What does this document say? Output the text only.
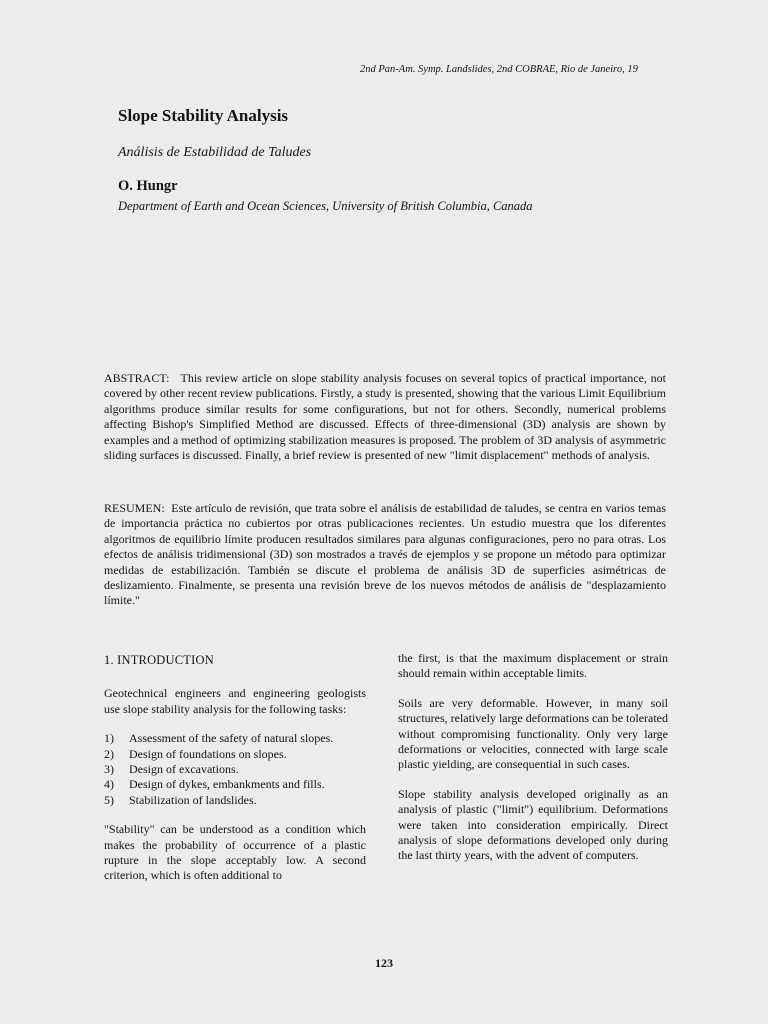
2nd Pan-Am. Symp. Landslides, 2nd COBRAE, Rio de Janeiro, 19
Slope Stability Analysis
Análisis de Estabilidad de Taludes
O. Hungr
Department of Earth and Ocean Sciences, University of British Columbia, Canada
ABSTRACT: This review article on slope stability analysis focuses on several topics of practical importance, not covered by other recent review publications. Firstly, a study is presented, showing that the various Limit Equilibrium algorithms produce similar results for some configurations, but not for others. Secondly, numerical problems affecting Bishop's Simplified Method are discussed. Effects of three-dimensional (3D) analysis are shown by examples and a method of optimizing stabilization measures is proposed. The problem of 3D analysis of asymmetric sliding surfaces is discussed. Finally, a brief review is presented of new "limit displacement" methods of analysis.
RESUMEN: Este artículo de revisión, que trata sobre el análisis de estabilidad de taludes, se centra en varios temas de importancia práctica no cubiertos por otras publicaciones recientes. Un estudio muestra que los diferentes algoritmos de equilibrio límite producen resultados similares para algunas configuraciones, pero no para otras. Los efectos de análisis tridimensional (3D) son mostrados a través de ejemplos y se propone un método para optimizar medidas de estabilización. También se discute el problema de análisis 3D de superficies asimétricas de deslizamiento. Finalmente, se presenta una revisión breve de los nuevos métodos de análisis de "desplazamiento límite."
1. INTRODUCTION

Geotechnical engineers and engineering geologists use slope stability analysis for the following tasks:

1)	Assessment of the safety of natural slopes.
2)	Design of foundations on slopes.
3)	Design of excavations.
4)	Design of dykes, embankments and fills.
5)	Stabilization of landslides.

"Stability" can be understood as a condition which makes the probability of occurrence of a plastic rupture in the slope acceptably low. A second criterion, which is often additional to

the first, is that the maximum displacement or strain should remain within acceptable limits.

Soils are very deformable. However, in many soil structures, relatively large deformations can be tolerated without compromising functionality. Only very large deformations or velocities, connected with large scale plastic yielding, are consequential in such cases.

Slope stability analysis developed originally as an analysis of plastic ("limit") equilibrium. Deformations were taken into consideration empirically. Direct analysis of slope deformations developed only during the last thirty years, with the advent of computers.

123
